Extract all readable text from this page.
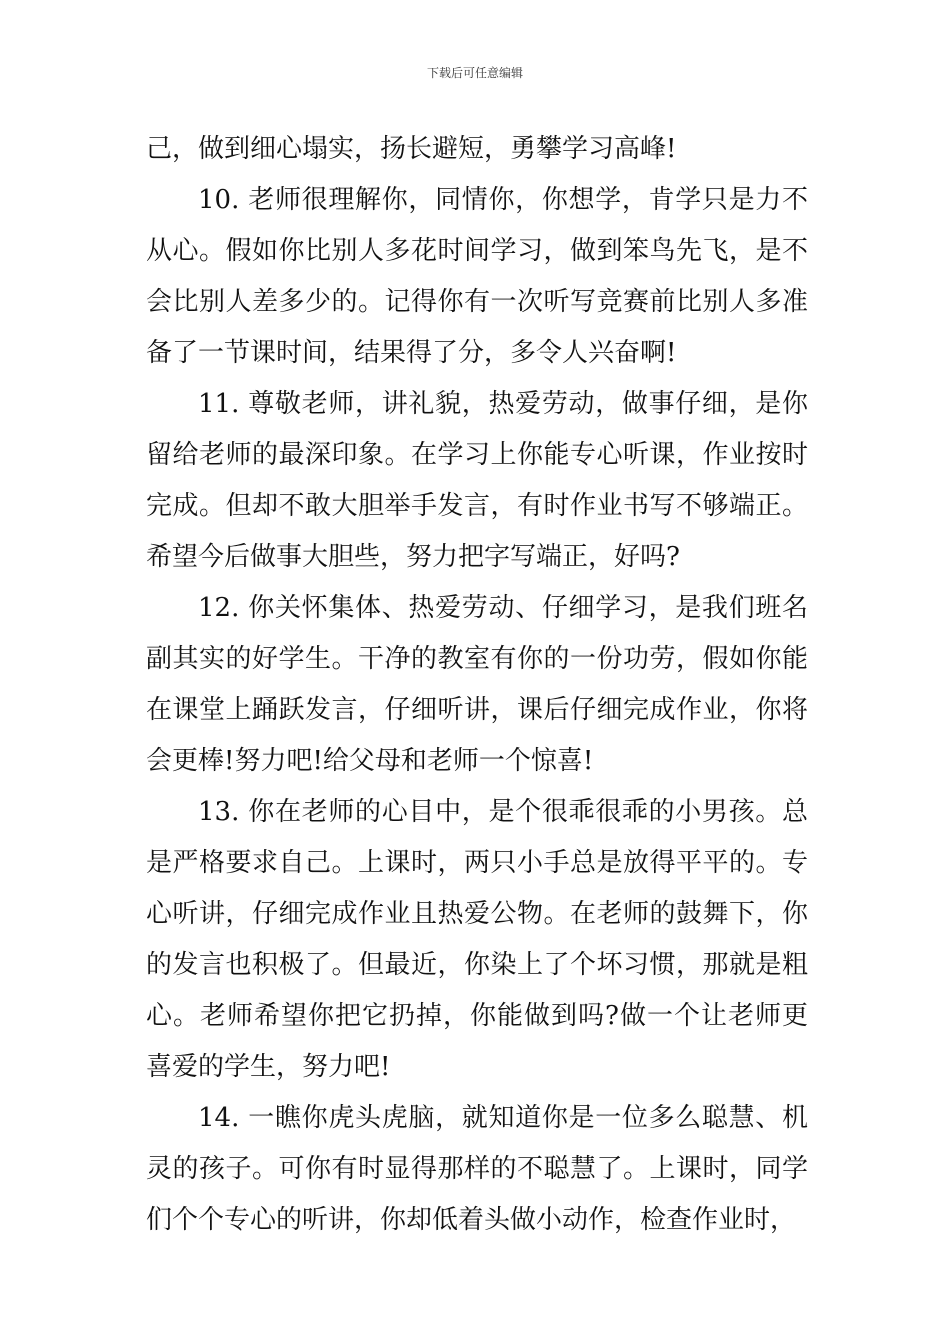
下载后可任意编辑

己，做到细心塌实，扬长避短，勇攀学习高峰!

10. 老师很理解你，同情你，你想学，肯学只是力不从心。假如你比别人多花时间学习，做到笨鸟先飞，是不会比别人差多少的。记得你有一次听写竞赛前比别人多准备了一节课时间，结果得了分，多令人兴奋啊!

11. 尊敬老师，讲礼貌，热爱劳动，做事仔细，是你留给老师的最深印象。在学习上你能专心听课，作业按时完成。但却不敢大胆举手发言，有时作业书写不够端正。希望今后做事大胆些，努力把字写端正，好吗?

12. 你关怀集体、热爱劳动、仔细学习，是我们班名副其实的好学生。干净的教室有你的一份功劳，假如你能在课堂上踊跃发言，仔细听讲，课后仔细完成作业，你将会更棒!努力吧!给父母和老师一个惊喜!

13. 你在老师的心目中，是个很乖很乖的小男孩。总是严格要求自己。上课时，两只小手总是放得平平的。专心听讲，仔细完成作业且热爱公物。在老师的鼓舞下，你的发言也积极了。但最近，你染上了个坏习惯，那就是粗心。老师希望你把它扔掉，你能做到吗?做一个让老师更喜爱的学生，努力吧!

14. 一瞧你虎头虎脑，就知道你是一位多么聪慧、机灵的孩子。可你有时显得那样的不聪慧了。上课时，同学们个个专心的听讲，你却低着头做小动作，检查作业时，
